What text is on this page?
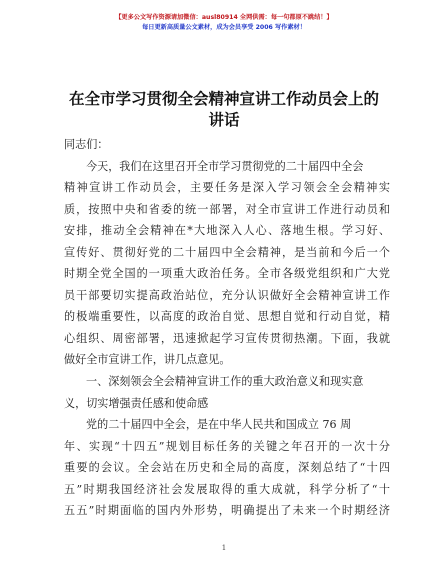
【更多公文写作资源请加微信：ausl80914 全网供需：每一句都原不跳结！】
每日更新高质量公文素材，成为会员享受 2006 写作素材！
在全市学习贯彻全会精神宣讲工作动员会上的
讲话
同志们：
今天，我们在这里召开全市学习贯彻党的二十届四中全会
精神宣讲工作动员会，主要任务是深入学习领会全会精神实
质，按照中央和省委的统一部署，对全市宣讲工作进行动员和
安排，推动全会精神在*大地深入人心、落地生根。学习好、
宣传好、贯彻好党的二十届四中全会精神，是当前和今后一个
时期全党全国的一项重大政治任务。全市各级党组织和广大党
员干部要切实提高政治站位，充分认识做好全会精神宣讲工作
的极端重要性，以高度的政治自觉、思想自觉和行动自觉，精
心组织、周密部署，迅速掀起学习宣传贯彻热潮。下面，我就
做好全市宣讲工作，讲几点意见。
一、深刻领会全会精神宣讲工作的重大政治意义和现实意
义，切实增强责任感和使命感
党的二十届四中全会，是在中华人民共和国成立 76 周
年、实现“十四五”规划目标任务的关键之年召开的一次十分
重要的会议。全会站在历史和全局的高度，深刻总结了“十四
五”时期我国经济社会发展取得的重大成就，科学分析了“十
五五”时期面临的国内外形势，明确提出了未来一个时期经济
1
